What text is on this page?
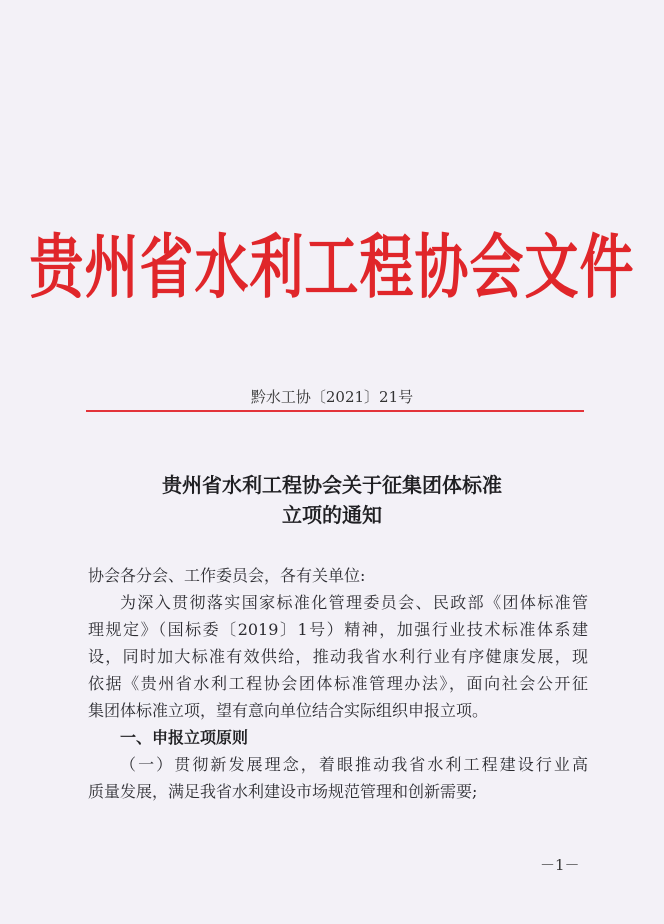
贵州省水利工程协会文件
黔水工协〔2021〕21号
贵州省水利工程协会关于征集团体标准
立项的通知
协会各分会、工作委员会，各有关单位:
为深入贯彻落实国家标准化管理委员会、民政部《团体标准管
理规定》（国标委〔2019〕1号）精神，加强行业技术标准体系建
设，同时加大标准有效供给，推动我省水利行业有序健康发展，现
依据《贵州省水利工程协会团体标准管理办法》，面向社会公开征
集团体标准立项，望有意向单位结合实际组织申报立项。
一、申报立项原则
（一）贯彻新发展理念，着眼推动我省水利工程建设行业高
质量发展，满足我省水利建设市场规范管理和创新需要;
－1－
